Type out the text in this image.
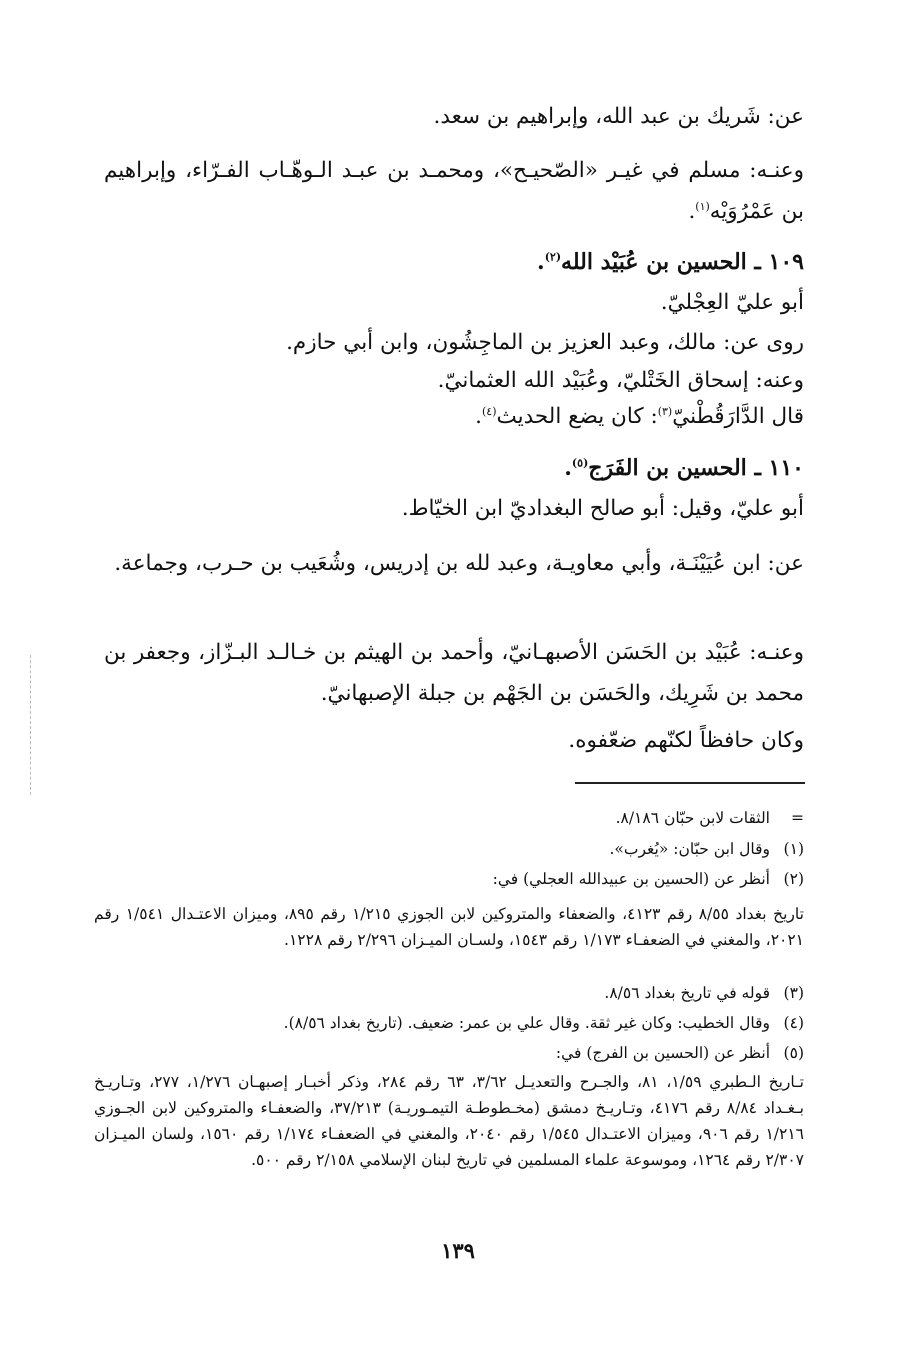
عن: شَريك بن عبد الله، وإبراهيم بن سعد.
وعنـه: مسلم في غيـر «الصّحيـح»، ومحمـد بن عبـد الـوهّـاب الفـرّاء، وإبراهيم بن عَمْرُوَيْه$^{(١)}$.
١٠٩ ـ الحسين بن عُبَيْد الله$^{(٢)}$.
أبو عليّ العِجْليّ.
روى عن: مالك، وعبد العزيز بن الماجِشُون، وابن أبي حازم.
وعنه: إسحاق الخَتْليّ، وعُبَيْد الله العثمانيّ.
قال الدَّارَقُطْنيّ$^{(٣)}$: كان يضع الحديث$^{(٤)}$.
١١٠ ـ الحسين بن الفَرَج$^{(٥)}$.
أبو عليّ، وقيل: أبو صالح البغداديّ ابن الخيّاط.
عن: ابن عُيَيْنَـة، وأبي معاويـة، وعبد لله بن إدريس، وشُعَيب بن حـرب، وجماعة.
وعنـه: عُبَيْد بن الحَسَن الأصبهـانيّ، وأحمد بن الهيثم بن خـالـد البـزّاز، وجعفر بن محمد بن شَرِيك، والحَسَن بن الجَهْم بن جبلة الإصبهانيّ.
وكان حافظاً لكنّهم ضعّفوه.
=الثقات لابن حبّان ٨/١٨٦.
(١)وقال ابن حبّان: «يُغرب».
(٢)أنظر عن (الحسين بن عبيدالله العجلي) في:
تاريخ بغداد ٨/٥٥ رقم ٤١٢٣، والضعفاء والمتروكين لابن الجوزي ١/٢١٥ رقم ٨٩٥، وميزان الاعتـدال ١/٥٤١ رقم ٢٠٢١، والمغني في الضعفـاء ١/١٧٣ رقم ١٥٤٣، ولسـان الميـزان ٢/٢٩٦ رقم ١٢٢٨.
(٣)قوله في تاريخ بغداد ٨/٥٦.
(٤)وقال الخطيب: وكان غير ثقة. وقال علي بن عمر: ضعيف. (تاريخ بغداد ٨/٥٦).
(٥)أنظر عن (الحسين بن الفرج) في:
تـاريخ الـطبري ١/٥٩، ٨١، والجـرح والتعديـل ٣/٦٢، ٦٣ رقم ٢٨٤، وذكر أخبـار إصبهـان ١/٢٧٦، ٢٧٧، وتـاريـخ بـغـداد ٨/٨٤ رقم ٤١٧٦، وتـاريـخ دمشق (مخـطوطـة التيمـوريـة) ٣٧/٢١٣، والضعفـاء والمتروكين لابن الجـوزي ١/٢١٦ رقم ٩٠٦، وميزان الاعتـدال ١/٥٤٥ رقم ٢٠٤٠، والمغني في الضعفـاء ١/١٧٤ رقم ١٥٦٠، ولسان الميـزان ٢/٣٠٧ رقم ١٢٦٤، وموسوعة علماء المسلمين في تاريخ لبنان الإسلامي ٢/١٥٨ رقم ٥٠٠.
١٣٩
